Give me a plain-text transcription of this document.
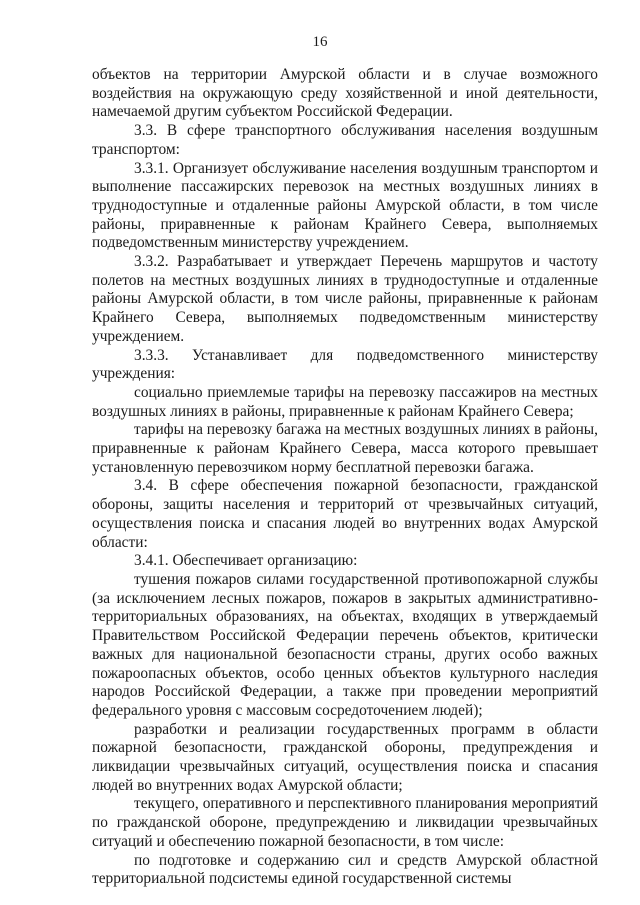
16

объектов на территории Амурской области и в случае возможного воздействия на окружающую среду хозяйственной и иной деятельности, намечаемой другим субъектом Российской Федерации.

3.3. В сфере транспортного обслуживания населения воздушным транспортом:

3.3.1. Организует обслуживание населения воздушным транспортом и выполнение пассажирских перевозок на местных воздушных линиях в труднодоступные и отдаленные районы Амурской области, в том числе районы, приравненные к районам Крайнего Севера, выполняемых подведомственным министерству учреждением.

3.3.2. Разрабатывает и утверждает Перечень маршрутов и частоту полетов на местных воздушных линиях в труднодоступные и отдаленные районы Амурской области, в том числе районы, приравненные к районам Крайнего Севера, выполняемых подведомственным министерству учреждением.

3.3.3. Устанавливает для подведомственного министерству учреждения:

социально приемлемые тарифы на перевозку пассажиров на местных воздушных линиях в районы, приравненные к районам Крайнего Севера;

тарифы на перевозку багажа на местных воздушных линиях в районы, приравненные к районам Крайнего Севера, масса которого превышает установленную перевозчиком норму бесплатной перевозки багажа.

3.4. В сфере обеспечения пожарной безопасности, гражданской обороны, защиты населения и территорий от чрезвычайных ситуаций, осуществления поиска и спасания людей во внутренних водах Амурской области:

3.4.1. Обеспечивает организацию:

тушения пожаров силами государственной противопожарной службы (за исключением лесных пожаров, пожаров в закрытых административно-территориальных образованиях, на объектах, входящих в утверждаемый Правительством Российской Федерации перечень объектов, критически важных для национальной безопасности страны, других особо важных пожароопасных объектов, особо ценных объектов культурного наследия народов Российской Федерации, а также при проведении мероприятий федерального уровня с массовым сосредоточением людей);

разработки и реализации государственных программ в области пожарной безопасности, гражданской обороны, предупреждения и ликвидации чрезвычайных ситуаций, осуществления поиска и спасания людей во внутренних водах Амурской области;

текущего, оперативного и перспективного планирования мероприятий по гражданской обороне, предупреждению и ликвидации чрезвычайных ситуаций и обеспечению пожарной безопасности, в том числе:

по подготовке и содержанию сил и средств Амурской областной территориальной подсистемы единой государственной системы
